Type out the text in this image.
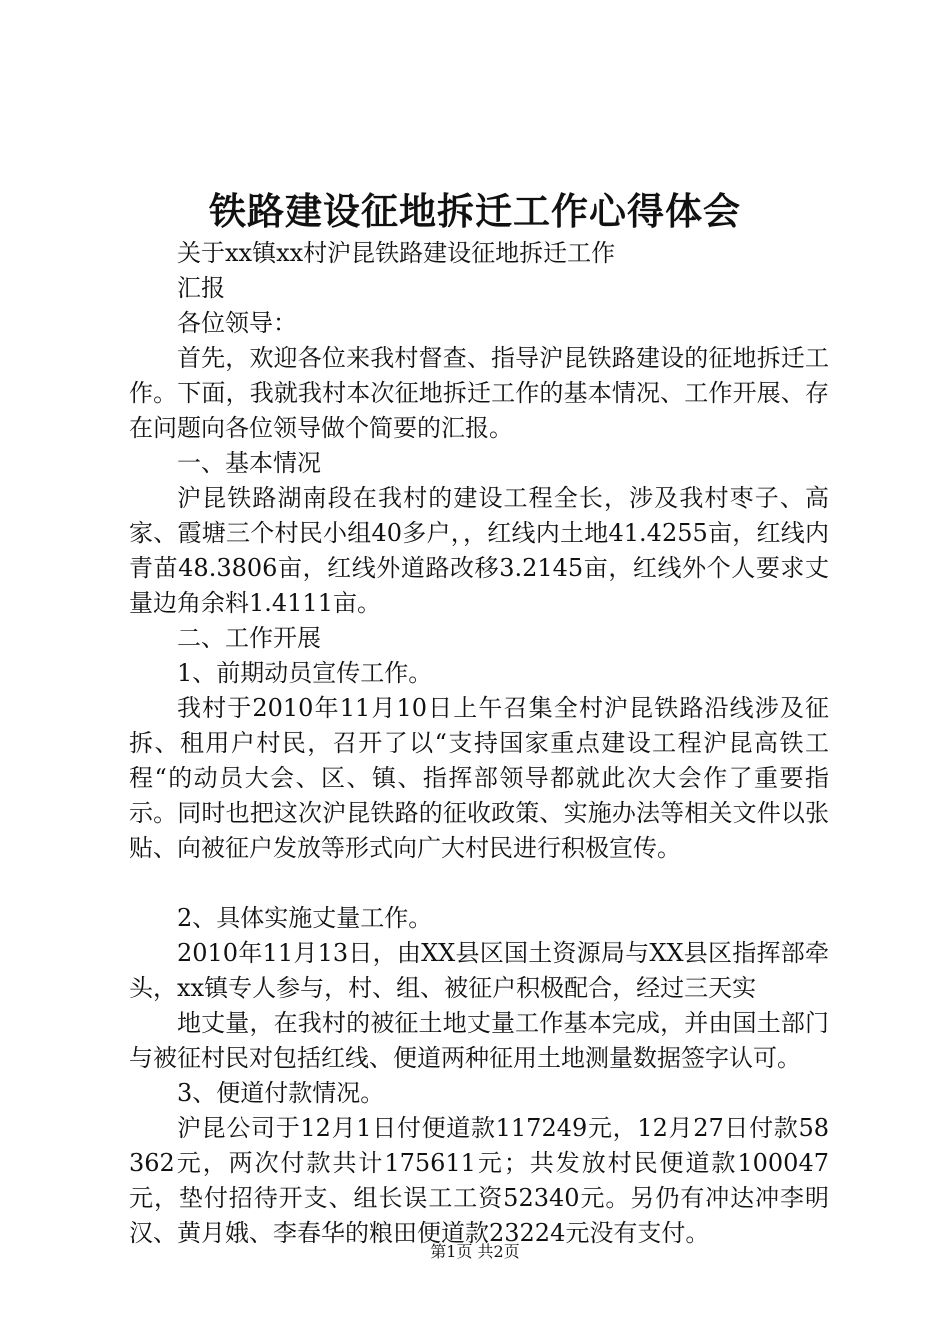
铁路建设征地拆迁工作心得体会

关于xx镇xx村沪昆铁路建设征地拆迁工作

汇报

各位领导：

首先，欢迎各位来我村督查、指导沪昆铁路建设的征地拆迁工作。下面，我就我村本次征地拆迁工作的基本情况、工作开展、存在问题向各位领导做个简要的汇报。

一、基本情况

沪昆铁路湖南段在我村的建设工程全长，涉及我村枣子、高家、霞塘三个村民小组40多户，，红线内土地41.4255亩，红线内青苗48.3806亩，红线外道路改移3.2145亩，红线外个人要求丈量边角余料1.4111亩。

二、工作开展

1、前期动员宣传工作。

我村于2010年11月10日上午召集全村沪昆铁路沿线涉及征拆、租用户村民，召开了以“支持国家重点建设工程沪昆高铁工程“的动员大会、区、镇、指挥部领导都就此次大会作了重要指示。同时也把这次沪昆铁路的征收政策、实施办法等相关文件以张贴、向被征户发放等形式向广大村民进行积极宣传。

2、具体实施丈量工作。

2010年11月13日，由XX县区国土资源局与XX县区指挥部牵头，xx镇专人参与，村、组、被征户积极配合，经过三天实

地丈量，在我村的被征土地丈量工作基本完成，并由国土部门与被征村民对包括红线、便道两种征用土地测量数据签字认可。

3、便道付款情况。

沪昆公司于12月1日付便道款117249元，12月27日付款58362元，两次付款共计175611元；共发放村民便道款100047元，垫付招待开支、组长误工工资52340元。另仍有冲达冲李明汉、黄月娥、李春华的粮田便道款23224元没有支付。

第1页 共2页
